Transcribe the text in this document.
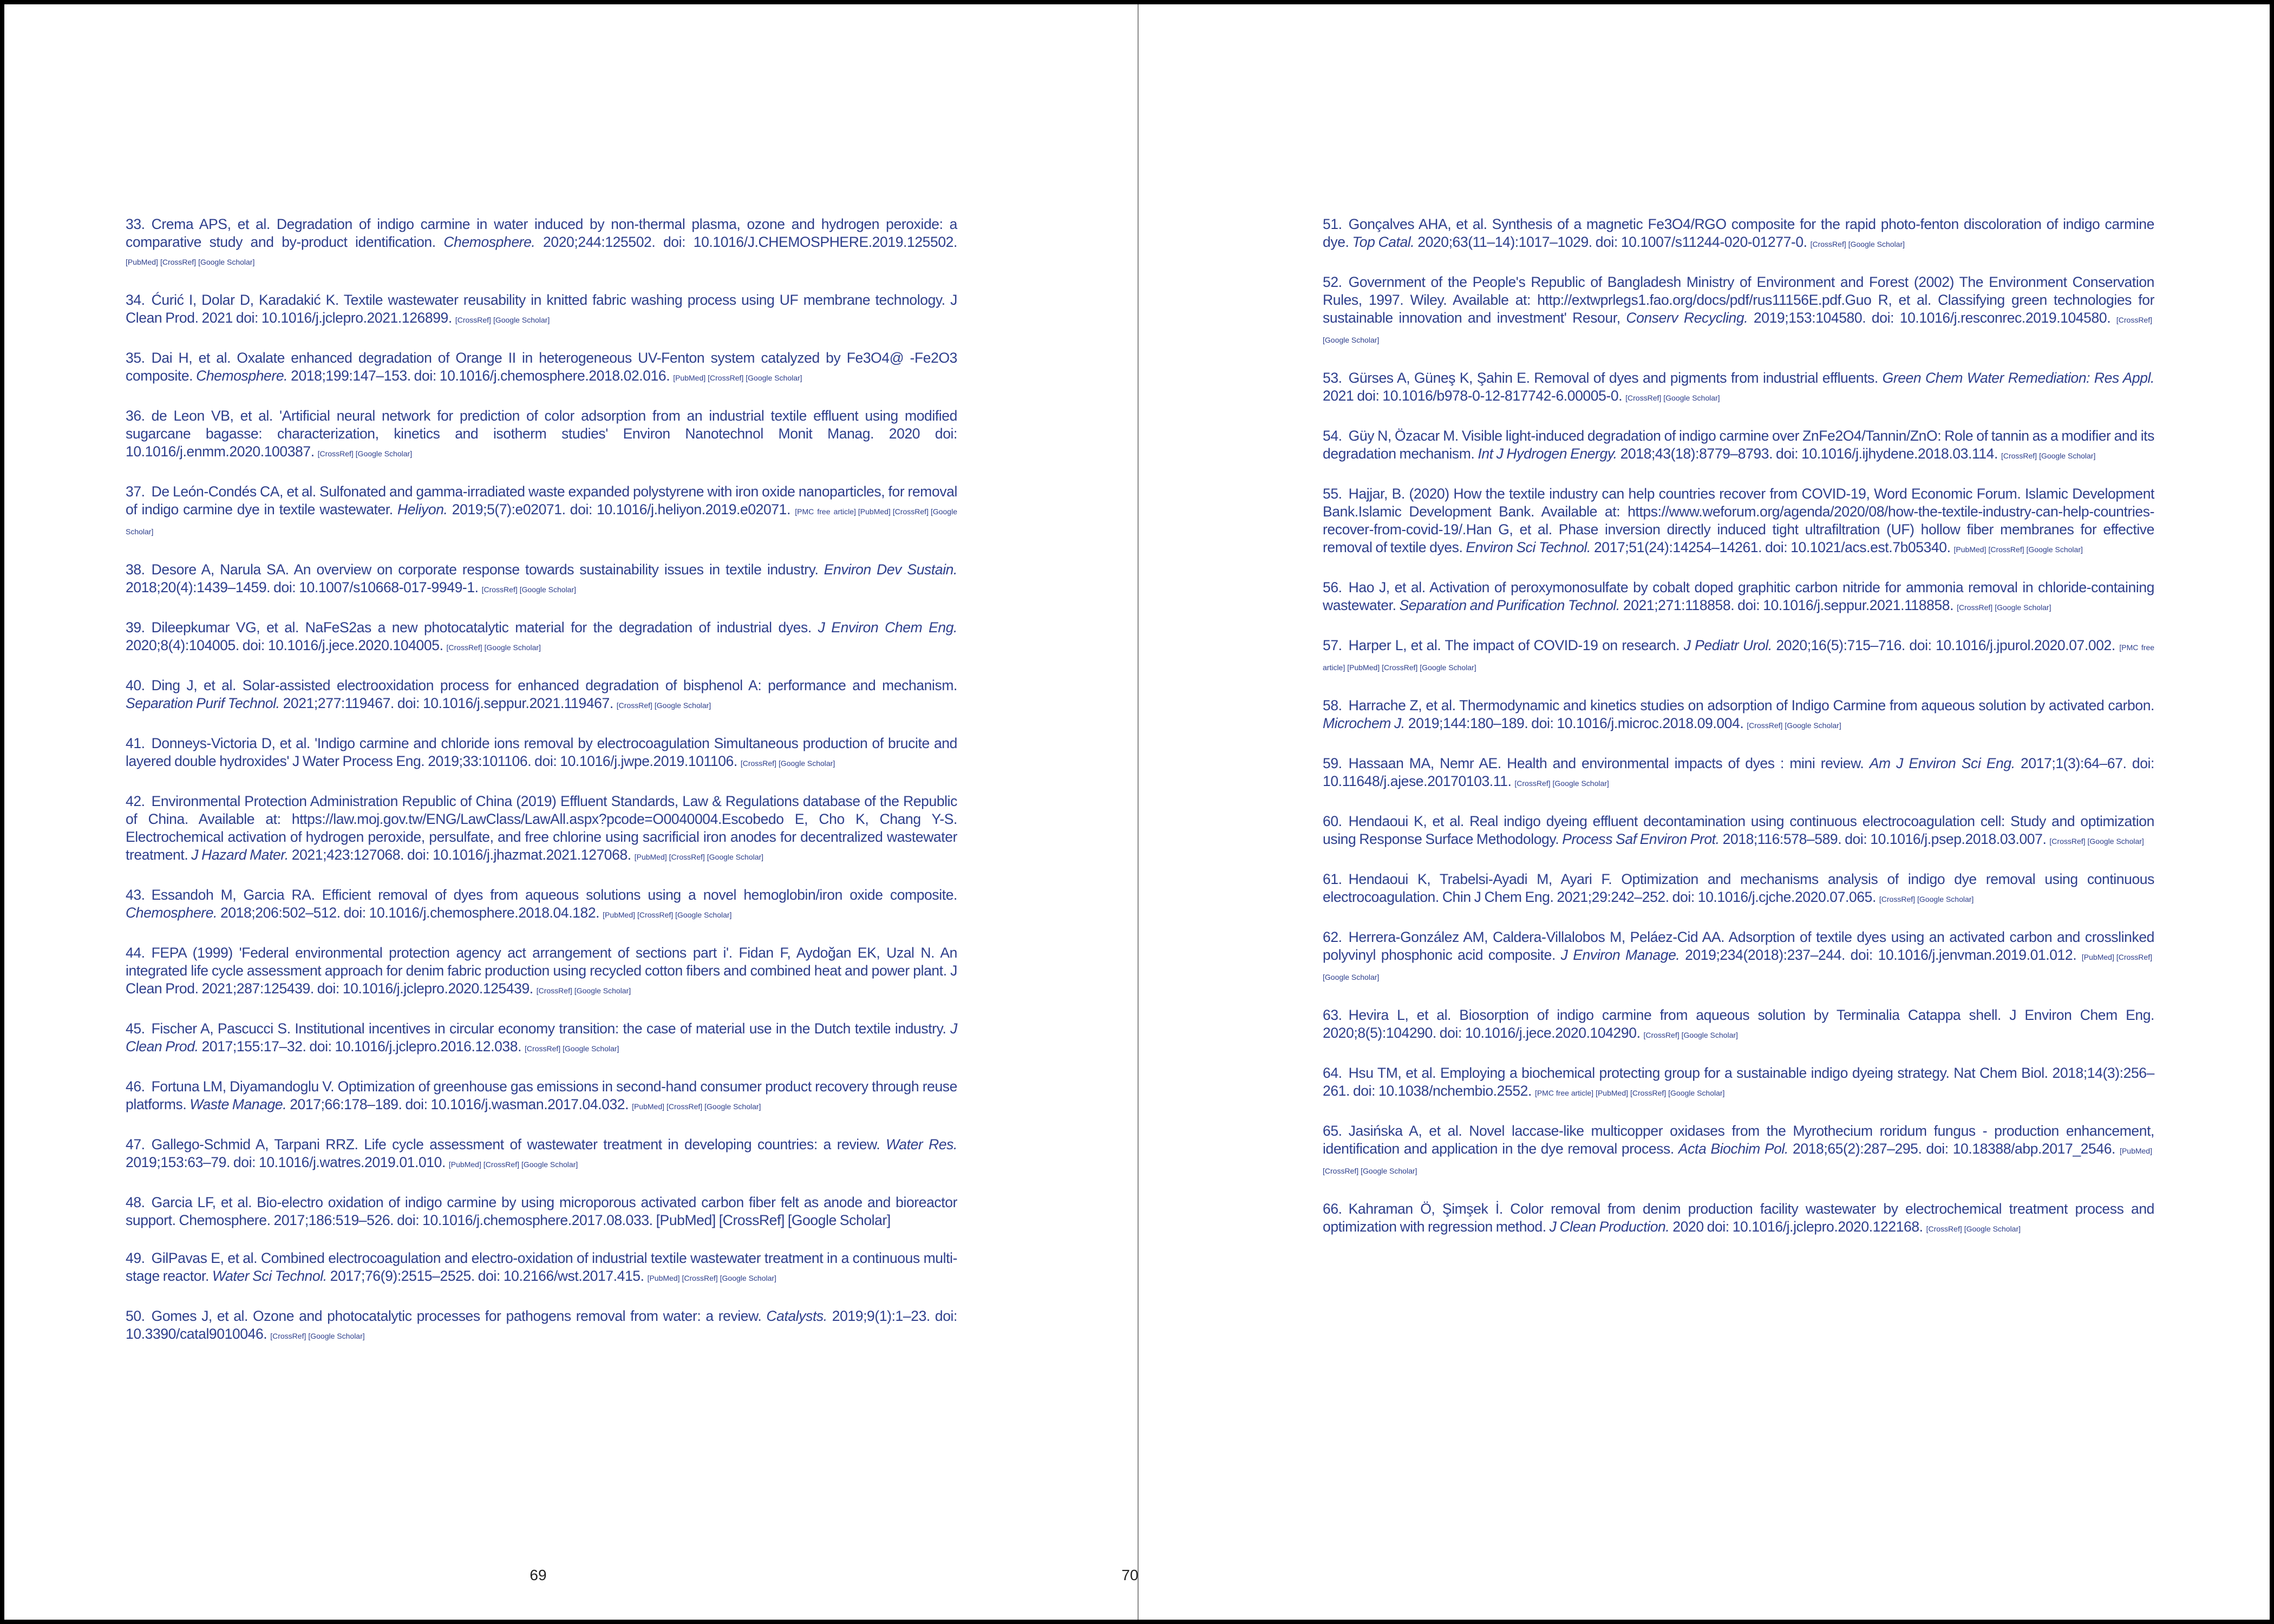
33. Crema APS, et al. Degradation of indigo carmine in water induced by non-thermal plasma, ozone and hydrogen peroxide: a comparative study and by-product identification. Chemosphere. 2020;244:125502. doi: 10.1016/J.CHEMOSPHERE.2019.125502. [PubMed] [CrossRef] [Google Scholar]
34. Ćurić I, Dolar D, Karadakić K. Textile wastewater reusability in knitted fabric washing process using UF membrane technology. J Clean Prod. 2021 doi: 10.1016/j.jclepro.2021.126899. [CrossRef] [Google Scholar]
35. Dai H, et al. Oxalate enhanced degradation of Orange II in heterogeneous UV-Fenton system catalyzed by Fe3O4@ -Fe2O3 composite. Chemosphere. 2018;199:147–153. doi: 10.1016/j.chemosphere.2018.02.016. [PubMed] [CrossRef] [Google Scholar]
36. de Leon VB, et al. 'Artificial neural network for prediction of color adsorption from an industrial textile effluent using modified sugarcane bagasse: characterization, kinetics and isotherm studies' Environ Nanotechnol Monit Manag. 2020 doi: 10.1016/j.enmm.2020.100387. [CrossRef] [Google Scholar]
37. De León-Condés CA, et al. Sulfonated and gamma-irradiated waste expanded polystyrene with iron oxide nanoparticles, for removal of indigo carmine dye in textile wastewater. Heliyon. 2019;5(7):e02071. doi: 10.1016/j.heliyon.2019.e02071. [PMC free article] [PubMed] [CrossRef] [Google Scholar]
38. Desore A, Narula SA. An overview on corporate response towards sustainability issues in textile industry. Environ Dev Sustain. 2018;20(4):1439–1459. doi: 10.1007/s10668-017-9949-1. [CrossRef] [Google Scholar]
39. Dileepkumar VG, et al. NaFeS2as a new photocatalytic material for the degradation of industrial dyes. J Environ Chem Eng. 2020;8(4):104005. doi: 10.1016/j.jece.2020.104005. [CrossRef] [Google Scholar]
40. Ding J, et al. Solar-assisted electrooxidation process for enhanced degradation of bisphenol A: performance and mechanism. Separation Purif Technol. 2021;277:119467. doi: 10.1016/j.seppur.2021.119467. [CrossRef] [Google Scholar]
41. Donneys-Victoria D, et al. 'Indigo carmine and chloride ions removal by electrocoagulation Simultaneous production of brucite and layered double hydroxides' J Water Process Eng. 2019;33:101106. doi: 10.1016/j.jwpe.2019.101106. [CrossRef] [Google Scholar]
42. Environmental Protection Administration Republic of China (2019) Effluent Standards, Law & Regulations database of the Republic of China. Available at: https://law.moj.gov.tw/ENG/LawClass/LawAll.aspx?pcode=O0040004.Escobedo E, Cho K, Chang Y-S. Electrochemical activation of hydrogen peroxide, persulfate, and free chlorine using sacrificial iron anodes for decentralized wastewater treatment. J Hazard Mater. 2021;423:127068. doi: 10.1016/j.jhazmat.2021.127068. [PubMed] [CrossRef] [Google Scholar]
43. Essandoh M, Garcia RA. Efficient removal of dyes from aqueous solutions using a novel hemoglobin/iron oxide composite. Chemosphere. 2018;206:502–512. doi: 10.1016/j.chemosphere.2018.04.182. [PubMed] [CrossRef] [Google Scholar]
44. FEPA (1999) 'Federal environmental protection agency act arrangement of sections part i'. Fidan F, Aydoğan EK, Uzal N. An integrated life cycle assessment approach for denim fabric production using recycled cotton fibers and combined heat and power plant. J Clean Prod. 2021;287:125439. doi: 10.1016/j.jclepro.2020.125439. [CrossRef] [Google Scholar]
45. Fischer A, Pascucci S. Institutional incentives in circular economy transition: the case of material use in the Dutch textile industry. J Clean Prod. 2017;155:17–32. doi: 10.1016/j.jclepro.2016.12.038. [CrossRef] [Google Scholar]
46. Fortuna LM, Diyamandoglu V. Optimization of greenhouse gas emissions in second-hand consumer product recovery through reuse platforms. Waste Manage. 2017;66:178–189. doi: 10.1016/j.wasman.2017.04.032. [PubMed] [CrossRef] [Google Scholar]
47. Gallego-Schmid A, Tarpani RRZ. Life cycle assessment of wastewater treatment in developing countries: a review. Water Res. 2019;153:63–79. doi: 10.1016/j.watres.2019.01.010. [PubMed] [CrossRef] [Google Scholar]
48. Garcia LF, et al. Bio-electro oxidation of indigo carmine by using microporous activated carbon fiber felt as anode and bioreactor support. Chemosphere. 2017;186:519–526. doi: 10.1016/j.chemosphere.2017.08.033. [PubMed] [CrossRef] [Google Scholar]
49. GilPavas E, et al. Combined electrocoagulation and electro-oxidation of industrial textile wastewater treatment in a continuous multi-stage reactor. Water Sci Technol. 2017;76(9):2515–2525. doi: 10.2166/wst.2017.415. [PubMed] [CrossRef] [Google Scholar]
50. Gomes J, et al. Ozone and photocatalytic processes for pathogens removal from water: a review. Catalysts. 2019;9(1):1–23. doi: 10.3390/catal9010046. [CrossRef] [Google Scholar]
69
51. Gonçalves AHA, et al. Synthesis of a magnetic Fe3O4/RGO composite for the rapid photo-fenton discoloration of indigo carmine dye. Top Catal. 2020;63(11–14):1017–1029. doi: 10.1007/s11244-020-01277-0. [CrossRef] [Google Scholar]
52. Government of the People's Republic of Bangladesh Ministry of Environment and Forest (2002) The Environment Conservation Rules, 1997. Wiley. Available at: http://extwprlegs1.fao.org/docs/pdf/rus11156E.pdf.Guo R, et al. Classifying green technologies for sustainable innovation and investment' Resour, Conserv Recycling. 2019;153:104580. doi: 10.1016/j.resconrec.2019.104580. [CrossRef][Google Scholar]
53. Gürses A, Güneş K, Şahin E. Removal of dyes and pigments from industrial effluents. Green Chem Water Remediation: Res Appl. 2021 doi: 10.1016/b978-0-12-817742-6.00005-0. [CrossRef] [Google Scholar]
54. Güy N, Özacar M. Visible light-induced degradation of indigo carmine over ZnFe2O4/Tannin/ZnO: Role of tannin as a modifier and its degradation mechanism. Int J Hydrogen Energy. 2018;43(18):8779–8793. doi: 10.1016/j.ijhydene.2018.03.114. [CrossRef] [Google Scholar]
55. Hajjar, B. (2020) How the textile industry can help countries recover from COVID-19, Word Economic Forum. Islamic Development Bank.Islamic Development Bank. Available at: https://www.weforum.org/agenda/2020/08/how-the-textile-industry-can-help-countries-recover-from-covid-19/.Han G, et al. Phase inversion directly induced tight ultrafiltration (UF) hollow fiber membranes for effective removal of textile dyes. Environ Sci Technol. 2017;51(24):14254–14261. doi: 10.1021/acs.est.7b05340. [PubMed] [CrossRef] [Google Scholar]
56. Hao J, et al. Activation of peroxymonosulfate by cobalt doped graphitic carbon nitride for ammonia removal in chloride-containing wastewater. Separation and Purification Technol. 2021;271:118858. doi: 10.1016/j.seppur.2021.118858. [CrossRef] [Google Scholar]
57. Harper L, et al. The impact of COVID-19 on research. J Pediatr Urol. 2020;16(5):715–716. doi: 10.1016/j.jpurol.2020.07.002. [PMC free article] [PubMed] [CrossRef] [Google Scholar]
58. Harrache Z, et al. Thermodynamic and kinetics studies on adsorption of Indigo Carmine from aqueous solution by activated carbon. Microchem J. 2019;144:180–189. doi: 10.1016/j.microc.2018.09.004. [CrossRef] [Google Scholar]
59. Hassaan MA, Nemr AE. Health and environmental impacts of dyes : mini review. Am J Environ Sci Eng. 2017;1(3):64–67. doi: 10.11648/j.ajese.20170103.11. [CrossRef] [Google Scholar]
60. Hendaoui K, et al. Real indigo dyeing effluent decontamination using continuous electrocoagulation cell: Study and optimization using Response Surface Methodology. Process Saf Environ Prot. 2018;116:578–589. doi: 10.1016/j.psep.2018.03.007. [CrossRef] [Google Scholar]
61. Hendaoui K, Trabelsi-Ayadi M, Ayari F. Optimization and mechanisms analysis of indigo dye removal using continuous electrocoagulation. Chin J Chem Eng. 2021;29:242–252. doi: 10.1016/j.cjche.2020.07.065. [CrossRef] [Google Scholar]
62. Herrera-González AM, Caldera-Villalobos M, Peláez-Cid AA. Adsorption of textile dyes using an activated carbon and crosslinked polyvinyl phosphonic acid composite. J Environ Manage. 2019;234(2018):237–244. doi: 10.1016/j.jenvman.2019.01.012. [PubMed] [CrossRef][Google Scholar]
63. Hevira L, et al. Biosorption of indigo carmine from aqueous solution by Terminalia Catappa shell. J Environ Chem Eng. 2020;8(5):104290. doi: 10.1016/j.jece.2020.104290. [CrossRef] [Google Scholar]
64. Hsu TM, et al. Employing a biochemical protecting group for a sustainable indigo dyeing strategy. Nat Chem Biol. 2018;14(3):256–261. doi: 10.1038/nchembio.2552. [PMC free article] [PubMed] [CrossRef] [Google Scholar]
65. Jasińska A, et al. Novel laccase-like multicopper oxidases from the Myrothecium roridum fungus - production enhancement, identification and application in the dye removal process. Acta Biochim Pol. 2018;65(2):287–295. doi: 10.18388/abp.2017_2546. [PubMed][CrossRef] [Google Scholar]
66. Kahraman Ö, Şimşek İ. Color removal from denim production facility wastewater by electrochemical treatment process and optimization with regression method. J Clean Production. 2020 doi: 10.1016/j.jclepro.2020.122168. [CrossRef] [Google Scholar]
70
